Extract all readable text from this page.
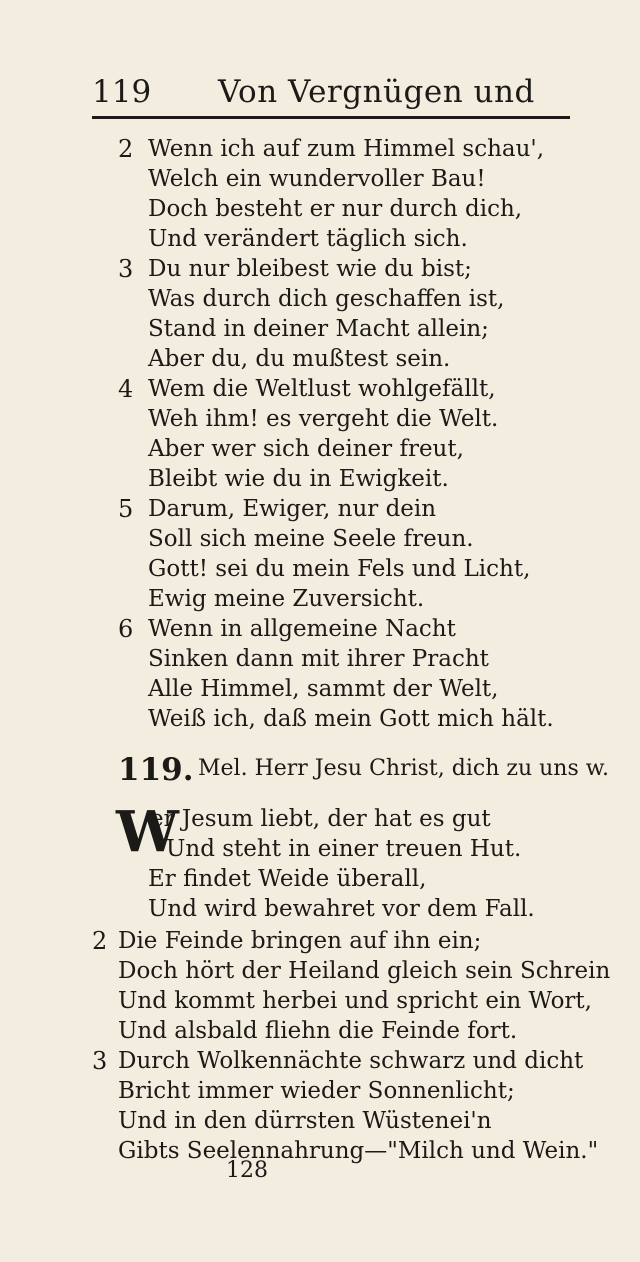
119 Von Vergnügen und
2 Wenn ich auf zum Himmel schau',
Welch ein wundervoller Bau!
Doch besteht er nur durch dich,
Und verändert täglich sich.
3 Du nur bleibest wie du bist;
Was durch dich geschaffen ist,
Stand in deiner Macht allein;
Aber du, du mußtest sein.
4 Wem die Weltlust wohlgefällt,
Weh ihm! es vergeht die Welt.
Aber wer sich deiner freut,
Bleibt wie du in Ewigkeit.
5 Darum, Ewiger, nur dein
Soll sich meine Seele freun.
Gott! sei du mein Fels und Licht,
Ewig meine Zuversicht.
6 Wenn in allgemeine Nacht
Sinken dann mit ihrer Pracht
Alle Himmel, sammt der Welt,
Weiß ich, daß mein Gott mich hält.
119. Mel. Herr Jesu Christ, dich zu uns w.
W
er Jesum liebt, der hat es gut
Und steht in einer treuen Hut.
Er findet Weide überall,
Und wird bewahret vor dem Fall.
2 Die Feinde bringen auf ihn ein;
Doch hört der Heiland gleich sein Schrein
Und kommt herbei und spricht ein Wort,
Und alsbald fliehn die Feinde fort.
3 Durch Wolkennächte schwarz und dicht
Bricht immer wieder Sonnenlicht;
Und in den dürrsten Wüstenei'n
Gibts Seelennahrung—"Milch und Wein."
128
